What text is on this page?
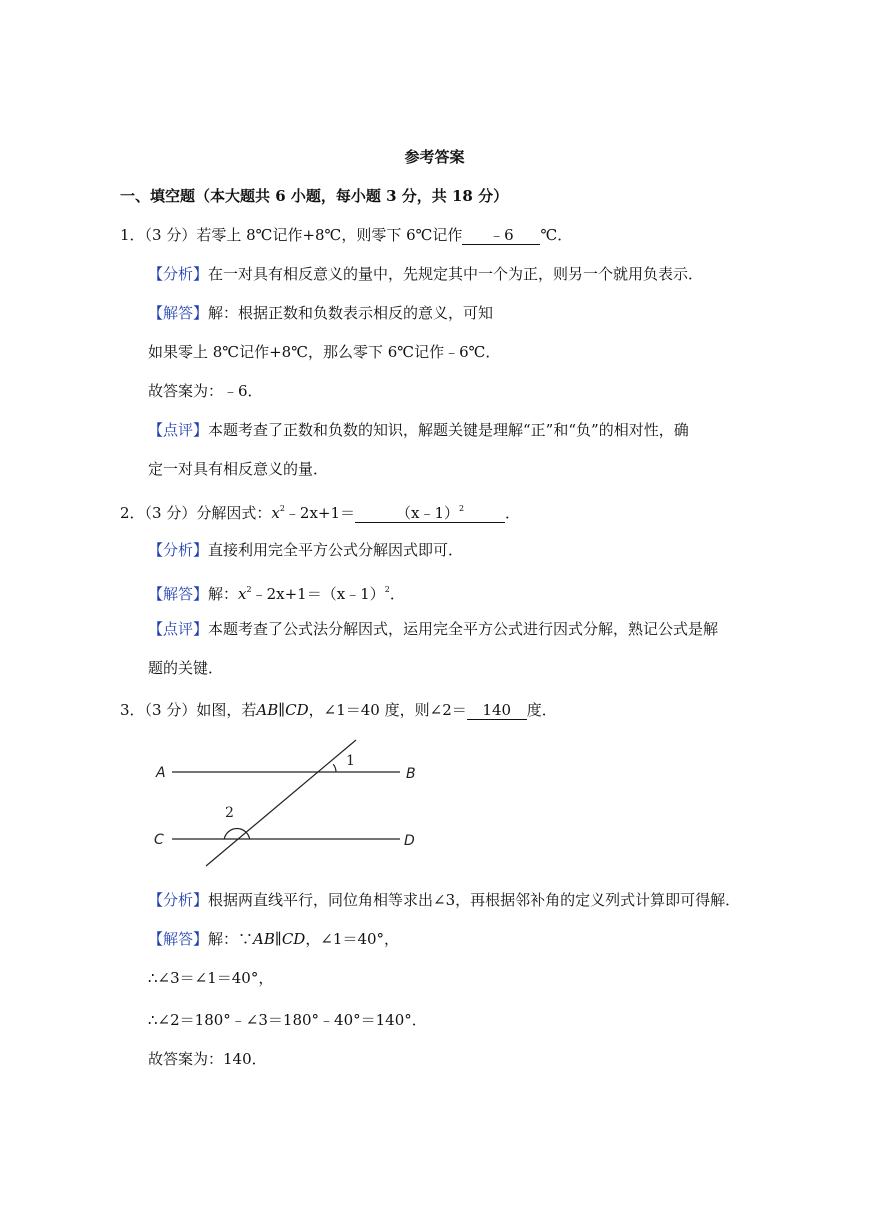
参考答案
一、填空题（本大题共 6 小题，每小题 3 分，共 18 分）
1．（3 分）若零上 8℃记作+8℃，则零下 6℃记作 ﹣6 ℃．
【分析】在一对具有相反意义的量中，先规定其中一个为正，则另一个就用负表示．
【解答】解：根据正数和负数表示相反的意义，可知
如果零上 8℃记作+8℃，那么零下 6℃记作﹣6℃．
故答案为：﹣6．
【点评】本题考查了正数和负数的知识，解题关键是理解“正”和“负”的相对性，确
定一对具有相反意义的量．
2．（3 分）分解因式：$x^2﹣2x+1=$	（x﹣1）$^2$	．
【分析】直接利用完全平方公式分解因式即可．
【解答】解：$x^2﹣2x+1=(x﹣1)^2$．
【点评】本题考查了公式法分解因式，运用完全平方公式进行因式分解，熟记公式是解
题的关键．
3．（3 分）如图，若AB∥CD，∠1＝40 度，则∠2＝ 140 度．
A	B
C	D
1
2
【分析】根据两直线平行，同位角相等求出∠3，再根据邻补角的定义列式计算即可得解．
【解答】解：∵AB∥CD，∠1＝40°，
∴∠3＝∠1＝40°，
∴∠2＝180°﹣∠3＝180°﹣40°＝140°．
故答案为：140．
